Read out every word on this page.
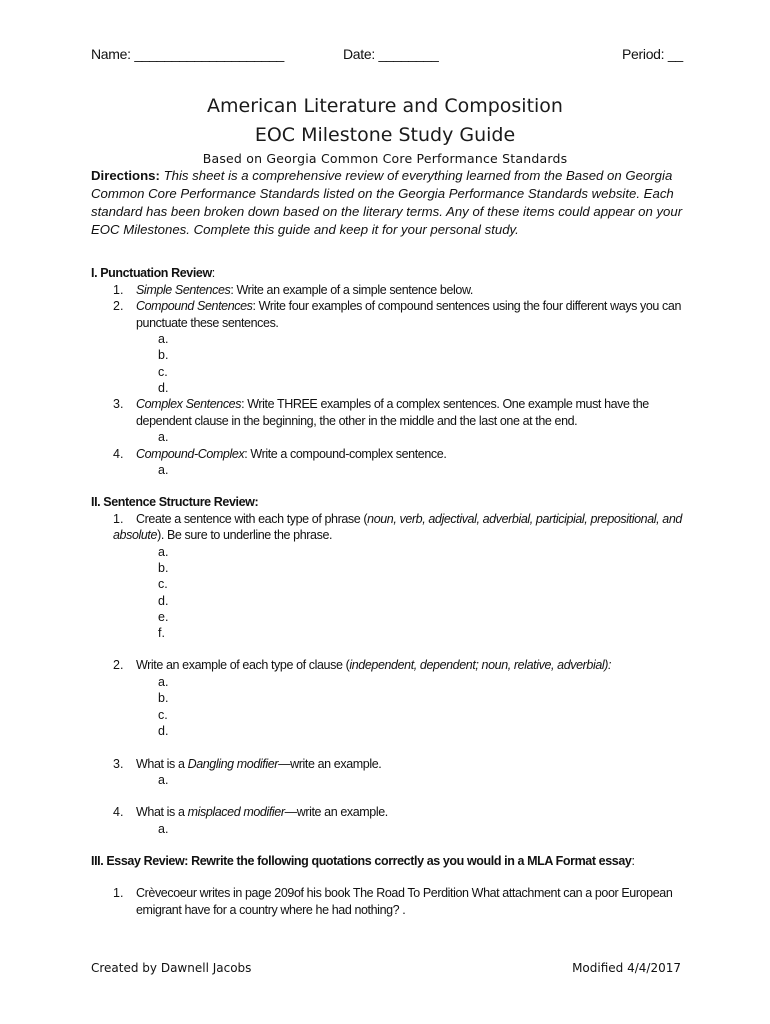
Name: ____________________	Date: ________	Period: __
American Literature and Composition
EOC Milestone Study Guide
Based on Georgia Common Core Performance Standards
Directions: This sheet is a comprehensive review of everything learned from the Based on Georgia Common Core Performance Standards listed on the Georgia Performance Standards website. Each standard has been broken down based on the literary terms. Any of these items could appear on your EOC Milestones. Complete this guide and keep it for your personal study.
I. Punctuation Review:
1. Simple Sentences: Write an example of a simple sentence below.
2. Compound Sentences: Write four examples of compound sentences using the four different ways you can
punctuate these sentences.
a.
b.
c.
d.
3. Complex Sentences: Write THREE examples of a complex sentences. One example must have the
dependent clause in the beginning, the other in the middle and the last one at the end.
a.
4. Compound-Complex: Write a compound-complex sentence.
a.
II. Sentence Structure Review:
1. Create a sentence with each type of phrase (noun, verb, adjectival, adverbial, participial, prepositional, and
absolute). Be sure to underline the phrase.
a.
b.
c.
d.
e.
f.
2. Write an example of each type of clause (independent, dependent; noun, relative, adverbial):
a.
b.
c.
d.
3. What is a Dangling modifier—write an example.
a.
4. What is a misplaced modifier—write an example.
a.
III. Essay Review: Rewrite the following quotations correctly as you would in a MLA Format essay:
1. Crèvecoeur writes in page 209of his book The Road To Perdition What attachment can a poor European
emigrant have for a country where he had nothing? .
Created by Dawnell Jacobs	Modified 4/4/2017
